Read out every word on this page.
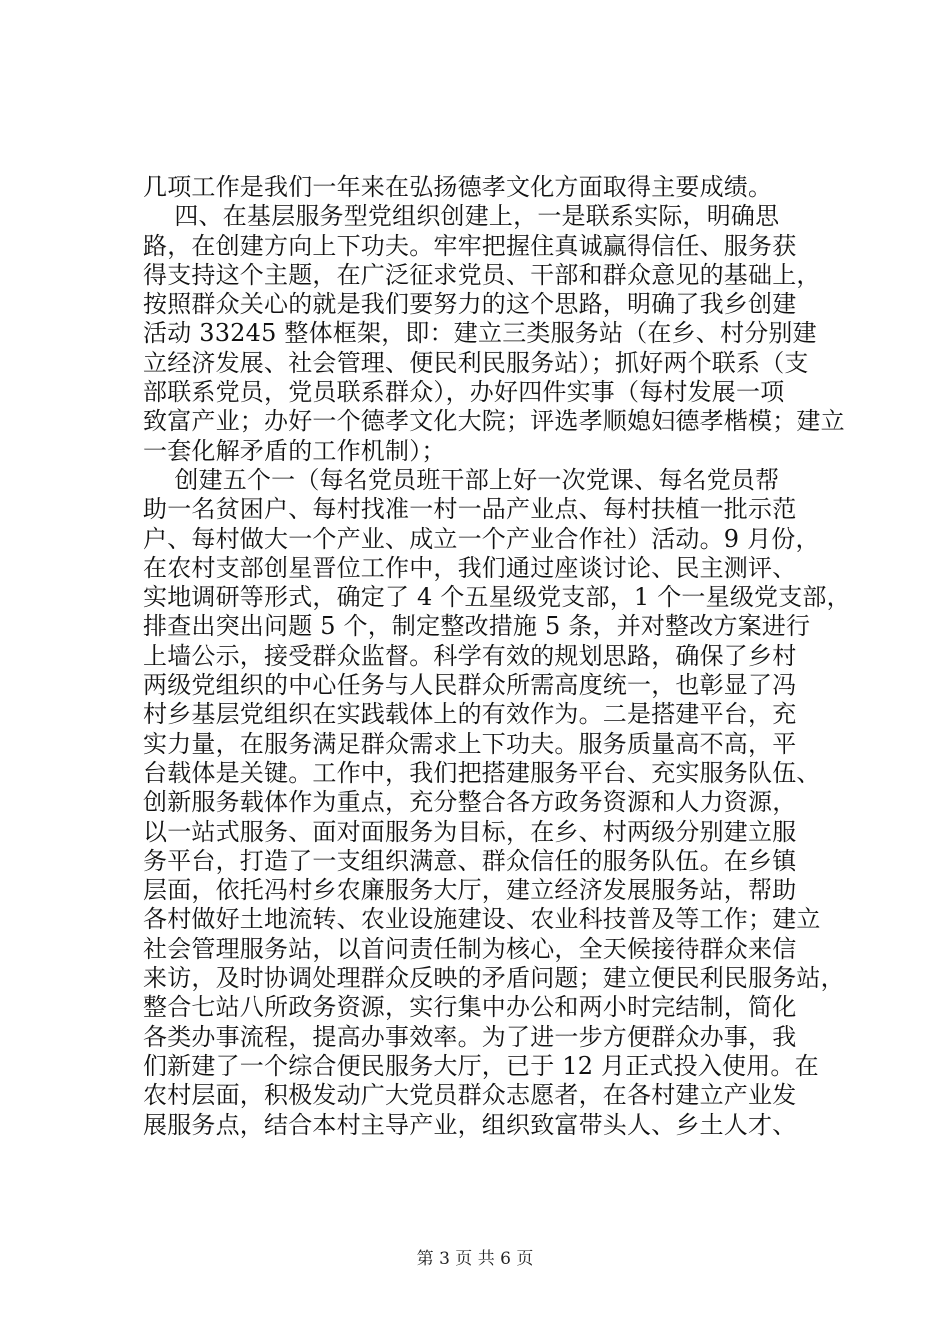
几项工作是我们一年来在弘扬德孝文化方面取得主要成绩。
四、在基层服务型党组织创建上，一是联系实际，明确思
路，在创建方向上下功夫。牢牢把握住真诚赢得信任、服务获
得支持这个主题，在广泛征求党员、干部和群众意见的基础上，
按照群众关心的就是我们要努力的这个思路，明确了我乡创建
活动 33245 整体框架，即：建立三类服务站（在乡、村分别建
立经济发展、社会管理、便民利民服务站）；抓好两个联系（支
部联系党员，党员联系群众），办好四件实事（每村发展一项
致富产业；办好一个德孝文化大院；评选孝顺媳妇德孝楷模；建立
一套化解矛盾的工作机制）；
创建五个一（每名党员班干部上好一次党课、每名党员帮
助一名贫困户、每村找准一村一品产业点、每村扶植一批示范
户、每村做大一个产业、成立一个产业合作社）活动。9 月份，
在农村支部创星晋位工作中，我们通过座谈讨论、民主测评、
实地调研等形式，确定了 4 个五星级党支部，1 个一星级党支部，
排查出突出问题 5 个，制定整改措施 5 条，并对整改方案进行
上墙公示，接受群众监督。科学有效的规划思路，确保了乡村
两级党组织的中心任务与人民群众所需高度统一，也彰显了冯
村乡基层党组织在实践载体上的有效作为。二是搭建平台，充
实力量，在服务满足群众需求上下功夫。服务质量高不高，平
台载体是关键。工作中，我们把搭建服务平台、充实服务队伍、
创新服务载体作为重点，充分整合各方政务资源和人力资源，
以一站式服务、面对面服务为目标，在乡、村两级分别建立服
务平台，打造了一支组织满意、群众信任的服务队伍。在乡镇
层面，依托冯村乡农廉服务大厅，建立经济发展服务站，帮助
各村做好土地流转、农业设施建设、农业科技普及等工作；建立
社会管理服务站，以首问责任制为核心，全天候接待群众来信
来访，及时协调处理群众反映的矛盾问题；建立便民利民服务站，
整合七站八所政务资源，实行集中办公和两小时完结制，简化
各类办事流程，提高办事效率。为了进一步方便群众办事，我
们新建了一个综合便民服务大厅，已于 12 月正式投入使用。在
农村层面，积极发动广大党员群众志愿者，在各村建立产业发
展服务点，结合本村主导产业，组织致富带头人、乡土人才、
第 3 页 共 6 页
